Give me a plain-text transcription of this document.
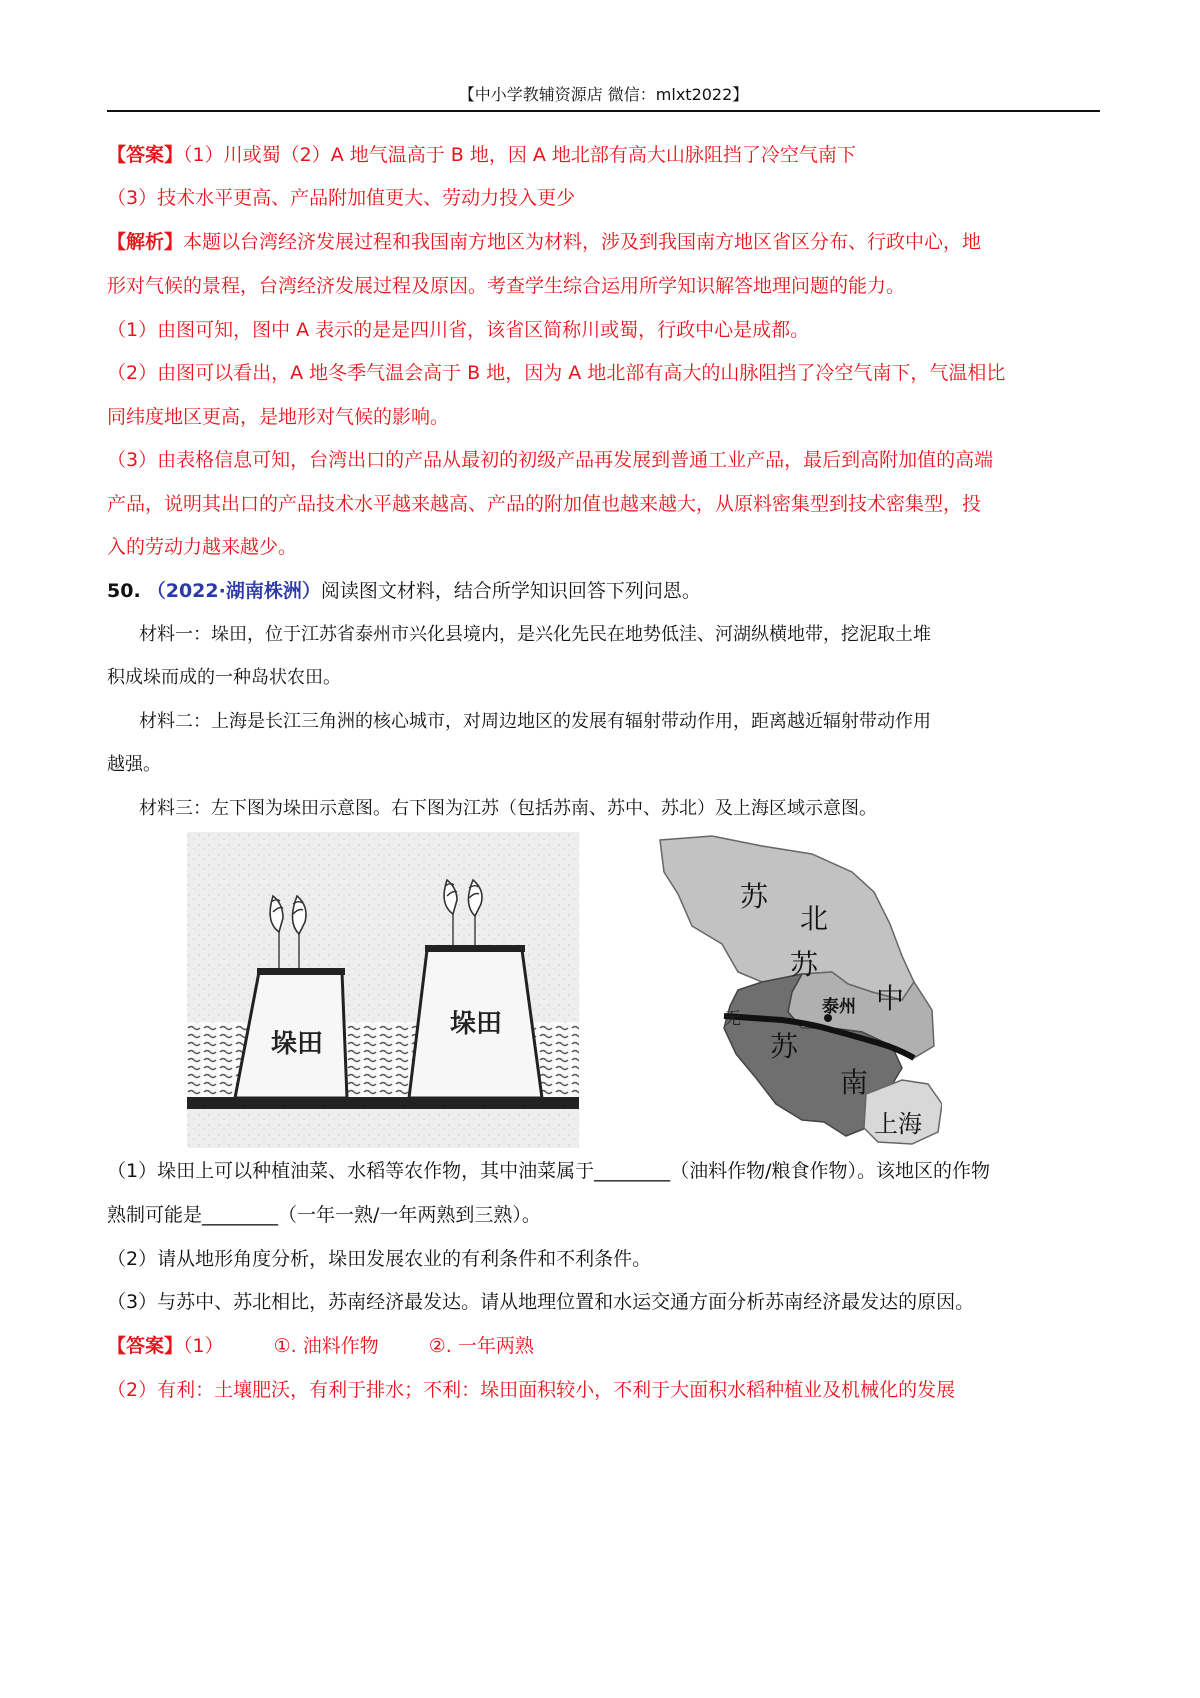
【中小学教辅资源店 微信：mlxt2022】
【答案】（1）川或蜀（2）A 地气温高于 B 地，因 A 地北部有高大山脉阻挡了冷空气南下
（3）技术水平更高、产品附加值更大、劳动力投入更少
【解析】本题以台湾经济发展过程和我国南方地区为材料，涉及到我国南方地区省区分布、行政中心，地
形对气候的景程，台湾经济发展过程及原因。考查学生综合运用所学知识解答地理问题的能力。
（1）由图可知，图中 A 表示的是是四川省，该省区简称川或蜀，行政中心是成都。
（2）由图可以看出，A 地冬季气温会高于 B 地，因为 A 地北部有高大的山脉阻挡了冷空气南下，气温相比
同纬度地区更高，是地形对气候的影响。
（3）由表格信息可知，台湾出口的产品从最初的初级产品再发展到普通工业产品，最后到高附加值的高端
产品，说明其出口的产品技术水平越来越高、产品的附加值也越来越大，从原料密集型到技术密集型，投
入的劳动力越来越少。
50. （2022·湖南株洲）阅读图文材料，结合所学知识回答下列问恩。
材料一：垛田，位于江苏省泰州市兴化县境内，是兴化先民在地势低洼、河湖纵横地带，挖泥取土堆
积成垛而成的一种岛状农田。
材料二：上海是长江三角洲的核心城市，对周边地区的发展有辐射带动作用，距离越近辐射带动作用
越强。
材料三：左下图为垛田示意图。右下图为江苏（包括苏南、苏中、苏北）及上海区域示意图。
垛田
垛田
苏
北
苏
中
泰州
无
苏
南
上海
（1）垛田上可以种植油菜、水稻等农作物，其中油菜属于________（油料作物/粮食作物）。该地区的作物
熟制可能是________（一年一熟/一年两熟到三熟）。
（2）请从地形角度分析，垛田发展农业的有利条件和不利条件。
（3）与苏中、苏北相比，苏南经济最发达。请从地理位置和水运交通方面分析苏南经济最发达的原因。
【答案】（1）	①. 油料作物	②. 一年两熟
（2）有利：土壤肥沃，有利于排水；不利：垛田面积较小，不利于大面积水稻种植业及机械化的发展
